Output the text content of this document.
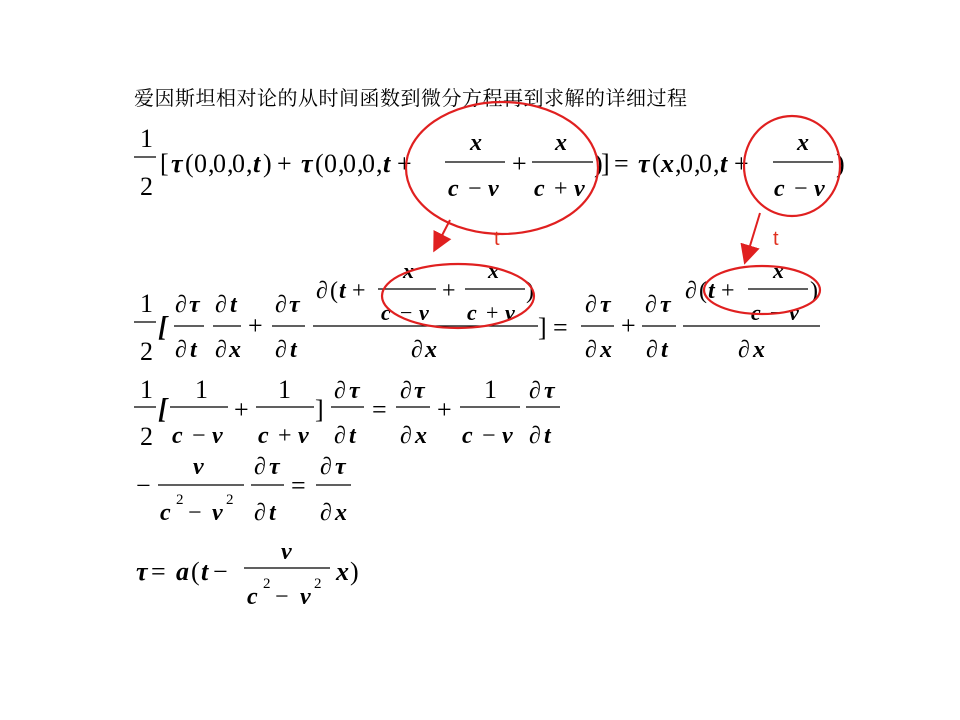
爱因斯坦相对论的从时间函数到微分方程再到求解的详细过程
1
2
[ τ ( 0 ,
0 ,
0 , t ) + τ ( 0 ,
0 ,
0 , t +
x
c − v
+
x
c + v
)
] = τ ( x ,
0 ,
0 , t +
x
c − v
)
1
2
[
∂ τ
∂ t
∂ t
∂ x
+
∂ τ
∂ t
∂ ( t +
x
c − v
+
x
c + v
)
∂ x
] =
∂ τ
∂ x
+
∂ τ
∂ t
∂ ( t +
x
c − v
)
∂ x
1
2
[
1
c − v
+
1
c + v
]
∂ τ
∂ t
=
∂ τ
∂ x
+
1
c − v
∂ τ
∂ t
−
v
c 2 − v 2
∂ τ
∂ t
=
∂ τ
∂ x
τ = a ( t −
v
c 2 − v 2 x )
t	t
